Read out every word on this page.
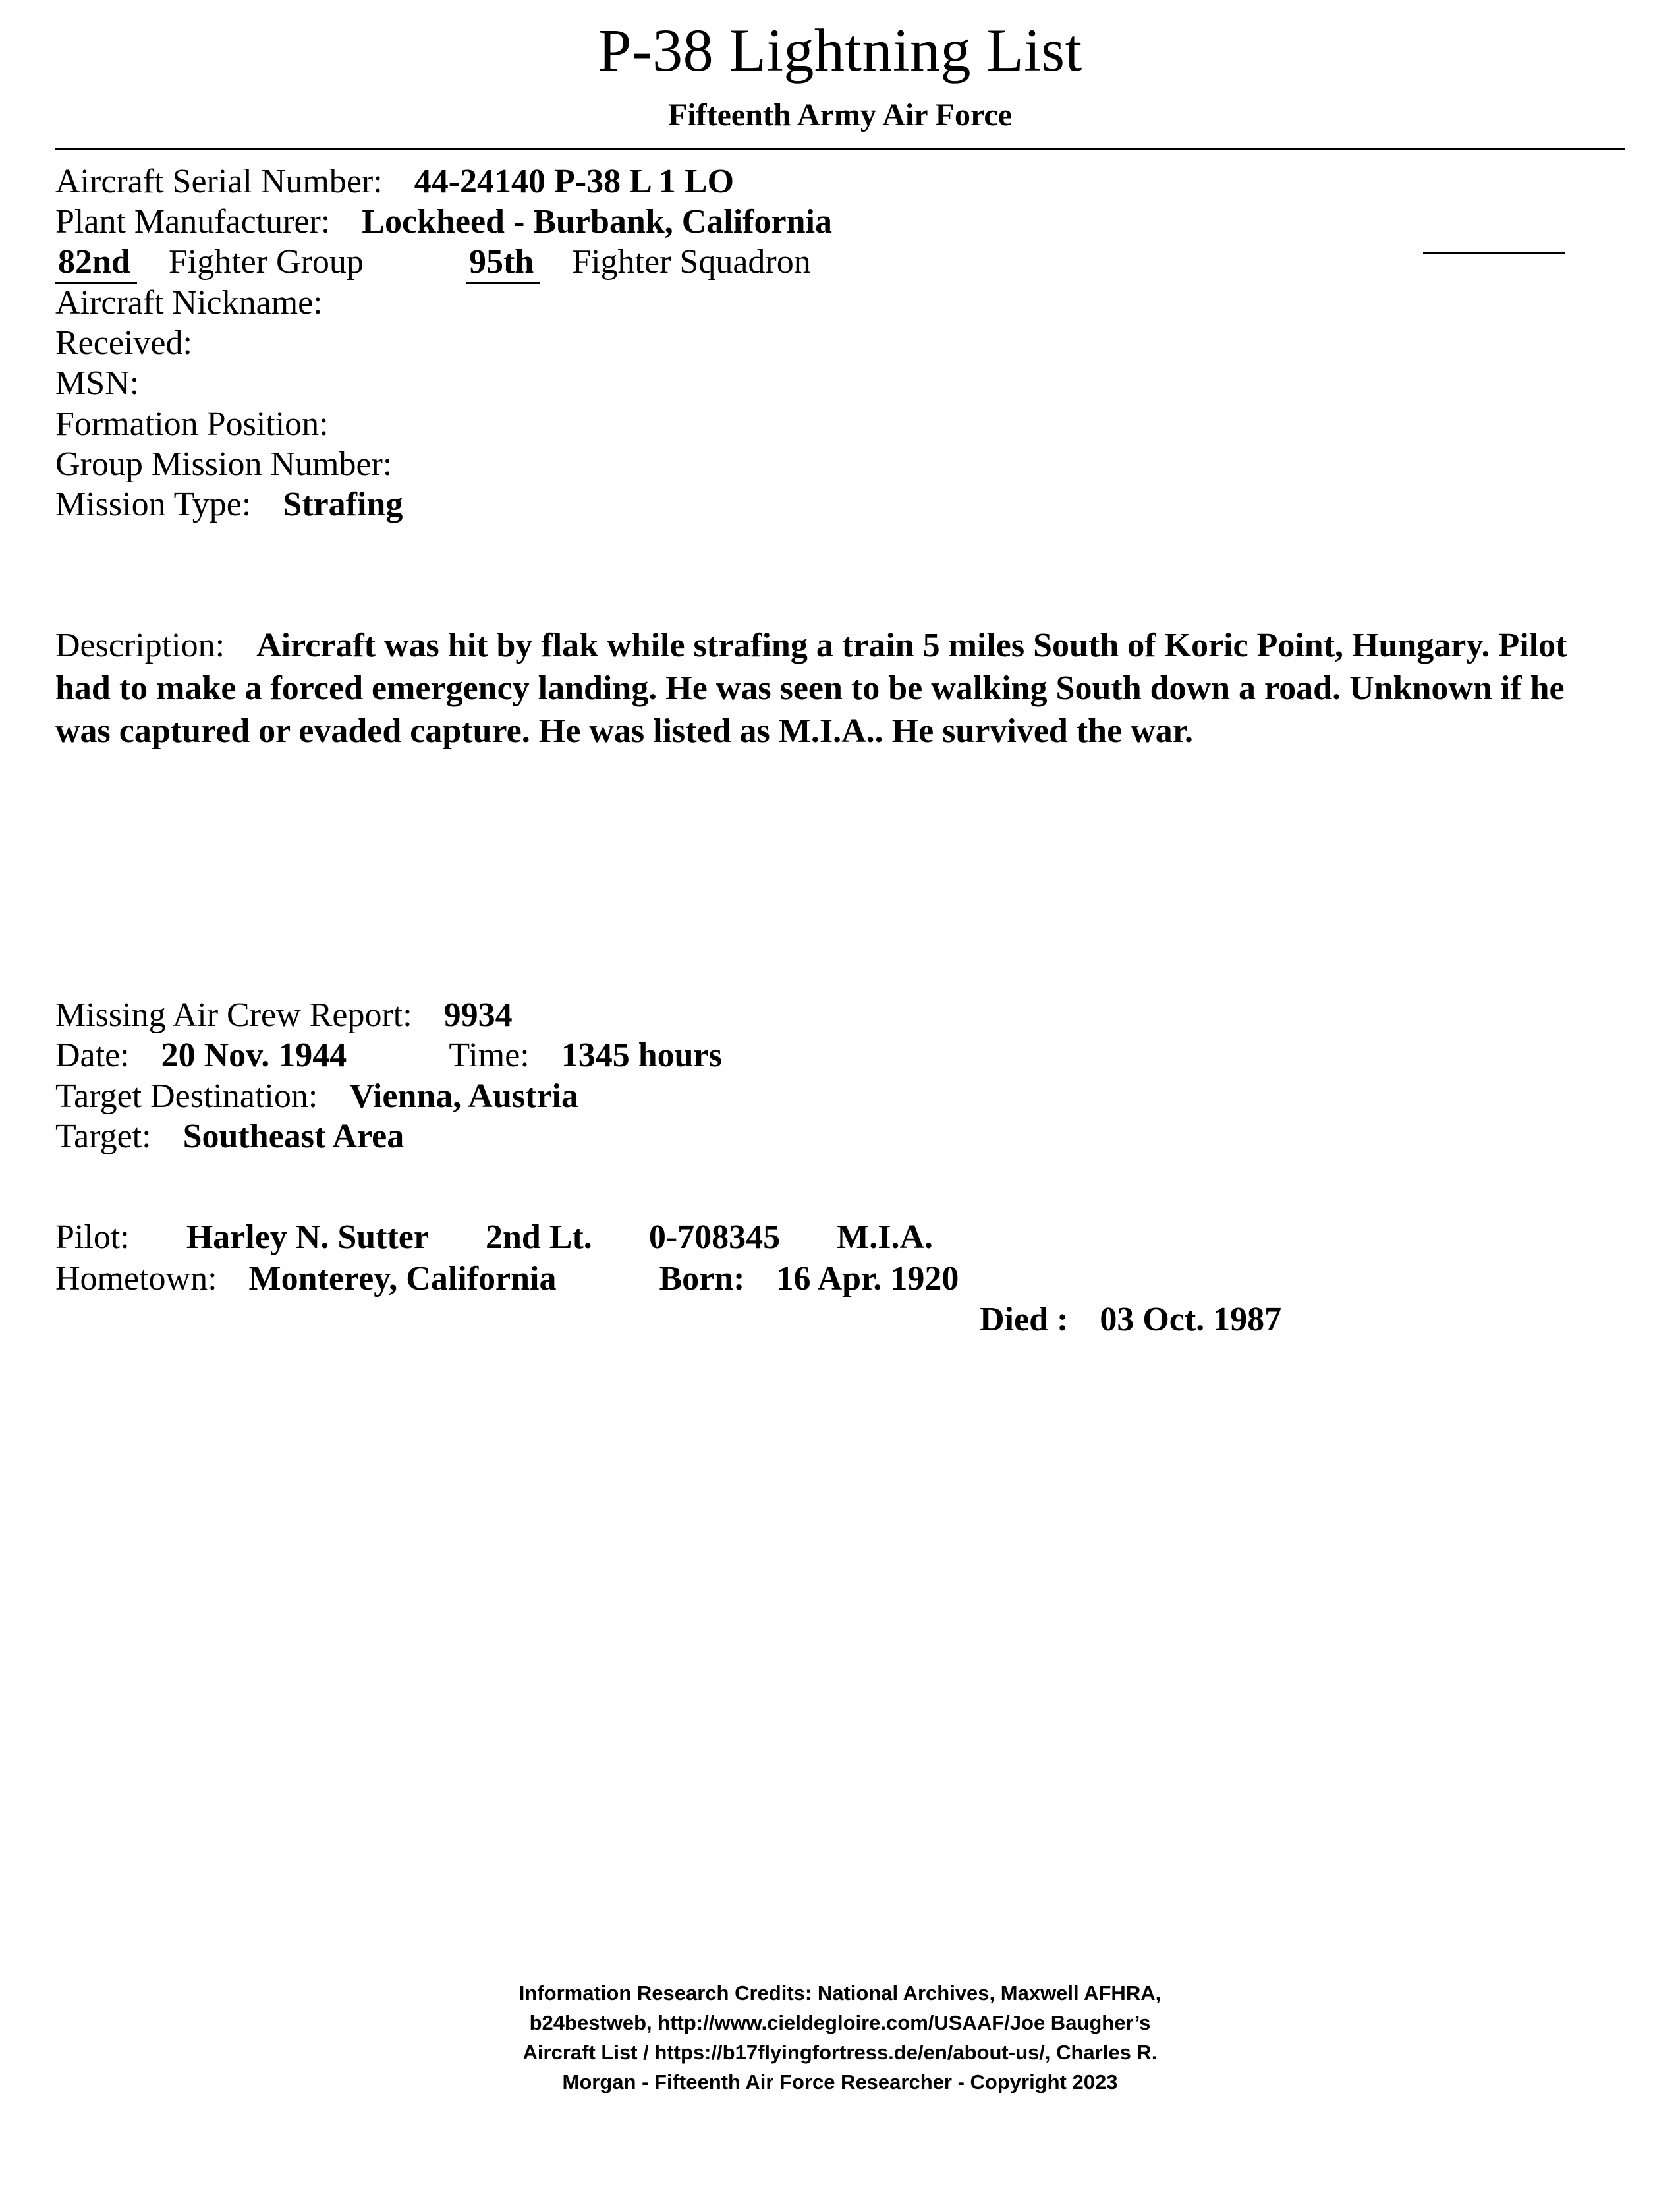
P-38 Lightning List
Fifteenth Army Air Force
Aircraft Serial Number: 44-24140 P-38 L 1 LO
Plant Manufacturer: Lockheed - Burbank, California
82nd Fighter Group	95th Fighter Squadron
Aircraft Nickname:
Received:
MSN:
Formation Position:
Group Mission Number:
Mission Type: Strafing
Description: Aircraft was hit by flak while strafing a train 5 miles South of Koric Point, Hungary. Pilot had to make a forced emergency landing. He was seen to be walking South down a road. Unknown if he was captured or evaded capture. He was listed as M.I.A.. He survived the war.
Missing Air Crew Report: 9934
Date: 20 Nov. 1944	Time: 1345 hours
Target Destination: Vienna, Austria
Target: Southeast Area
Pilot: Harley N. Sutter 2nd Lt. 0-708345 M.I.A.
Hometown: Monterey, California	Born: 16 Apr. 1920
Died : 03 Oct. 1987
Information Research Credits: National Archives, Maxwell AFHRA,
b24bestweb, http://www.cieldegloire.com/USAAF/Joe Baugher’s
Aircraft List / https://b17flyingfortress.de/en/about-us/, Charles R.
Morgan - Fifteenth Air Force Researcher - Copyright 2023
